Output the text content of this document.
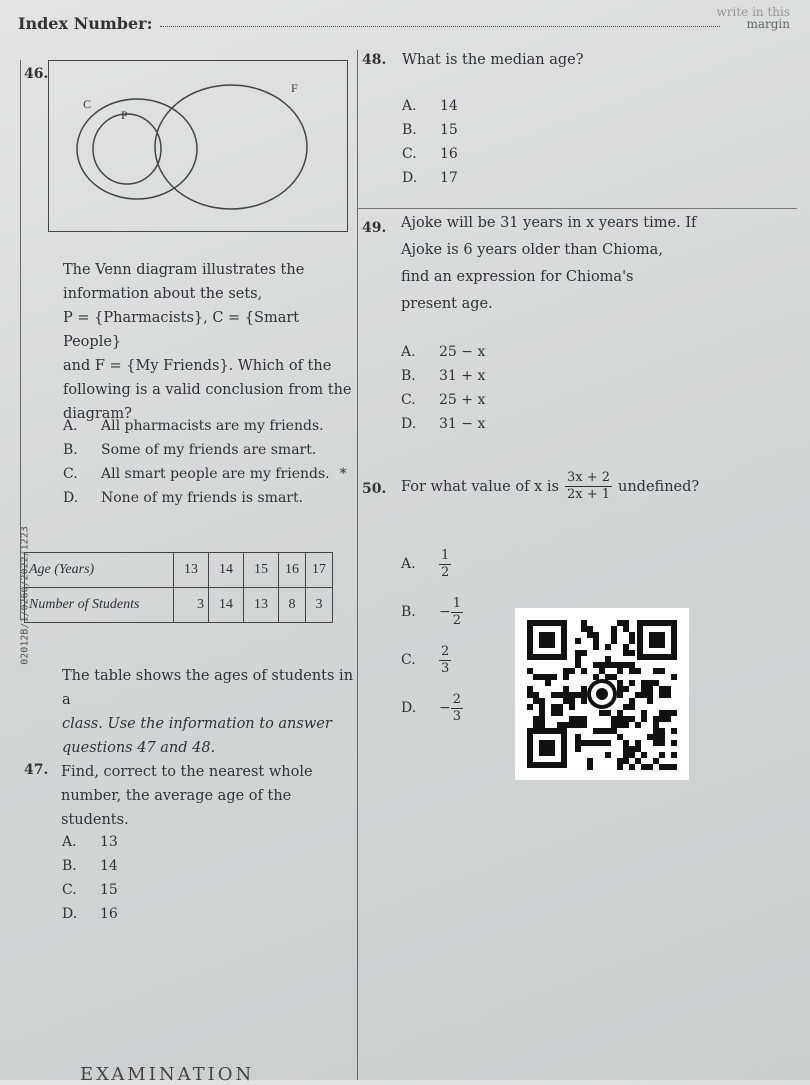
Index Number:
write in this
margin
02012B/1/0260/2022/1223
46.
C
P
F
The Venn diagram illustrates the
information about the sets,
P = {Pharmacists}, C = {Smart People}
and F = {My Friends}. Which of the
following is a valid conclusion from the
diagram?
A.	All pharmacists are my friends.
B.	Some of my friends are smart.
C.	All smart people are my friends. *
D.	None of my friends is smart.
Age (Years)	13	14	15	16	17
Number of Students	3	14	13	8	3
The table shows the ages of students in a
class. Use the information to answer
questions 47 and 48.
47. Find, correct to the nearest whole
number, the average age of the students.
A.	13
B.	14
C.	15
D.	16
48. What is the median age?
A.	14
B.	15
C.	16
D.	17
49. Ajoke will be 31 years in x years time. If
Ajoke is 6 years older than Chioma,
find an expression for Chioma's
present age.
A.	25 − x
B.	31 + x
C.	25 + x
D.	31 − x
50. For what value of x is $\frac{3x + 2}{2x + 1}$ undefined?
A.	$\frac{1}{2}$
B.	− $\frac{1}{2}$
C.	$\frac{2}{3}$
D.	− $\frac{2}{3}$
EXAMINATION
